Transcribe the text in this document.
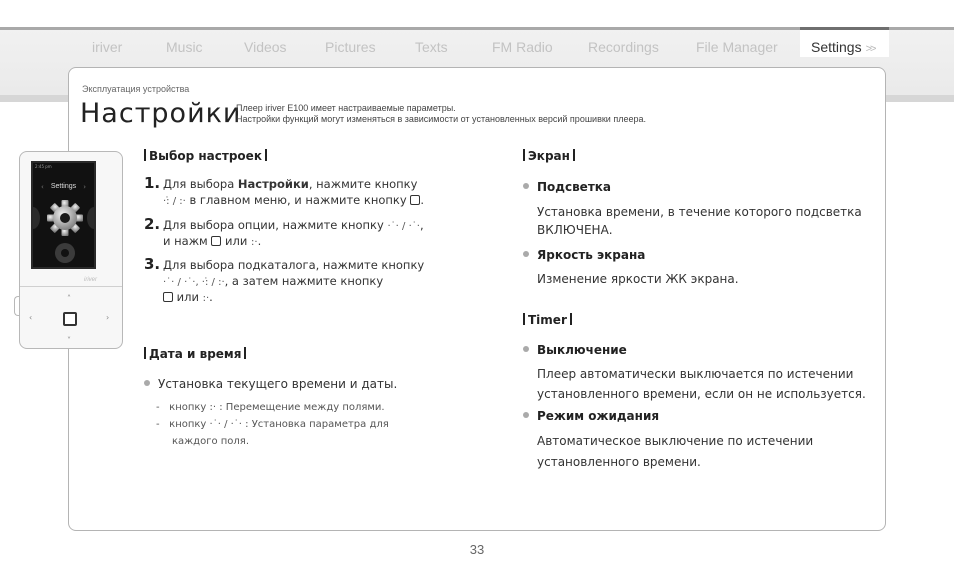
iriver	Music	Videos	Pictures	Texts	FM Radio	Recordings	File Manager Settings >>
Эксплуатация устройства
Настройки
Плеер iriver E100 имеет настраиваемые параметры.
Настройки функций могут изменяться в зависимости от установленных версий прошивки плеера.
2:45 pm
‹	›
Settings
iriver
˄
˅
‹	›
Выбор настроек
1. Для выбора Настройки, нажмите кнопку
·:̇ / :· в главном меню, и нажмите кнопку .
2. Для выбора опции, нажмите кнопку ·˙· / ·˙·,
и нажм  или :·.
3. Для выбора подкаталога, нажмите кнопку
·˙· / ·˙·, ·:̇ / :·, а затем нажмите кнопку
или :·.
Дата и время
Установка текущего времени и даты.
- кнопку :· : Перемещение между полями.
- кнопку ·˙· / ·˙· : Установка параметра для
каждого поля.
Экран
Подсветка
Установка времени, в течение которого подсветка
ВКЛЮЧЕНА.
Яркость экрана
Изменение яркости ЖК экрана.
Timer
Выключение
Плеер автоматически выключается по истечении
установленного времени, если он не используется.
Режим ожидания
Автоматическое выключение по истечении
установленного времени.
33
